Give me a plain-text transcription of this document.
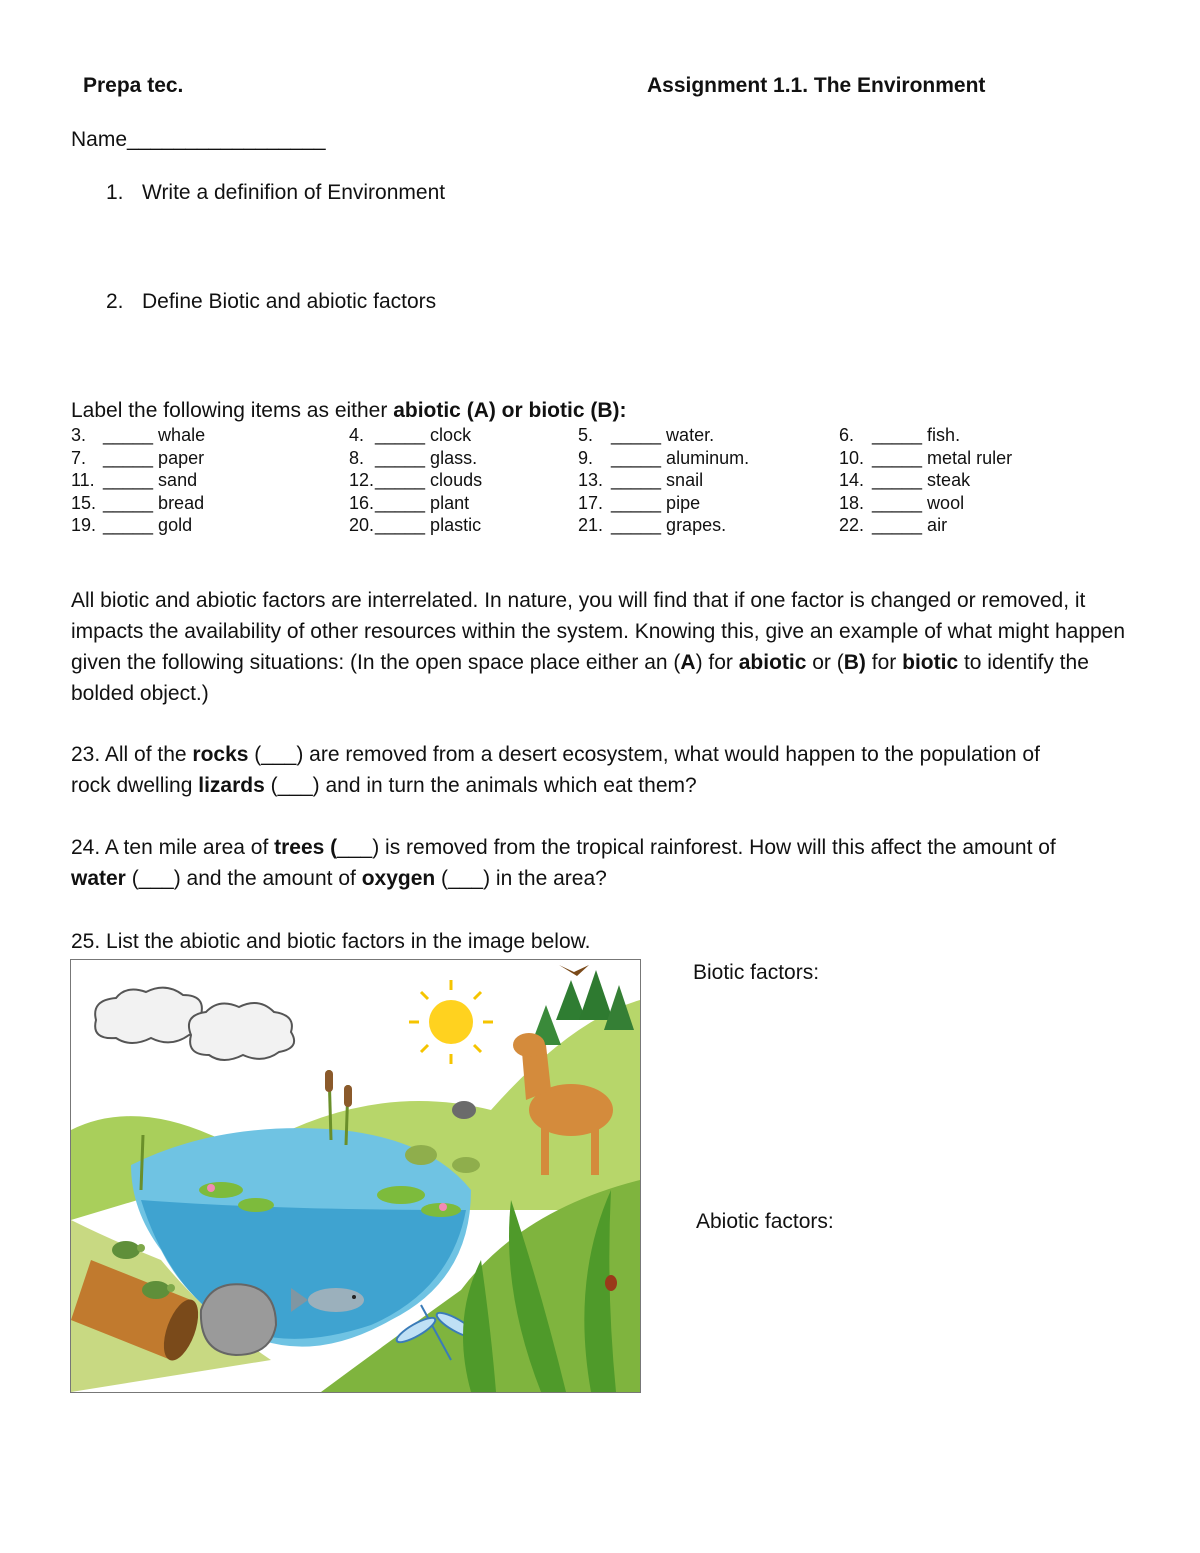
Prepa tec.	Assignment 1.1. The Environment
Name_________________
1. Write a definifion of Environment
2. Define Biotic and abiotic factors
Label the following items as either abiotic (A) or biotic (B):
3. _____ whale	4. _____ clock	5. _____ water.	6. _____ fish.
7. _____ paper	8. _____ glass.	9. _____ aluminum.	10. _____ metal ruler
11. _____ sand	12. _____ clouds	13. _____ snail	14. _____ steak
15. _____ bread	16. _____ plant	17. _____ pipe	18. _____ wool
19. _____ gold	20. _____ plastic	21. _____ grapes.	22. _____ air
All biotic and abiotic factors are interrelated. In nature, you will find that if one factor is changed or removed, it impacts the availability of other resources within the system. Knowing this, give an example of what might happen given the following situations: (In the open space place either an (A) for abiotic or (B) for biotic to identify the bolded object.)
23. All of the rocks (___) are removed from a desert ecosystem, what would happen to the population of rock dwelling lizards (___) and in turn the animals which eat them?
24. A ten mile area of trees (___) is removed from the tropical rainforest. How will this affect the amount of water (___) and the amount of oxygen (___) in the area?
25. List the abiotic and biotic factors in the image below.
Biotic factors:
Abiotic factors:
